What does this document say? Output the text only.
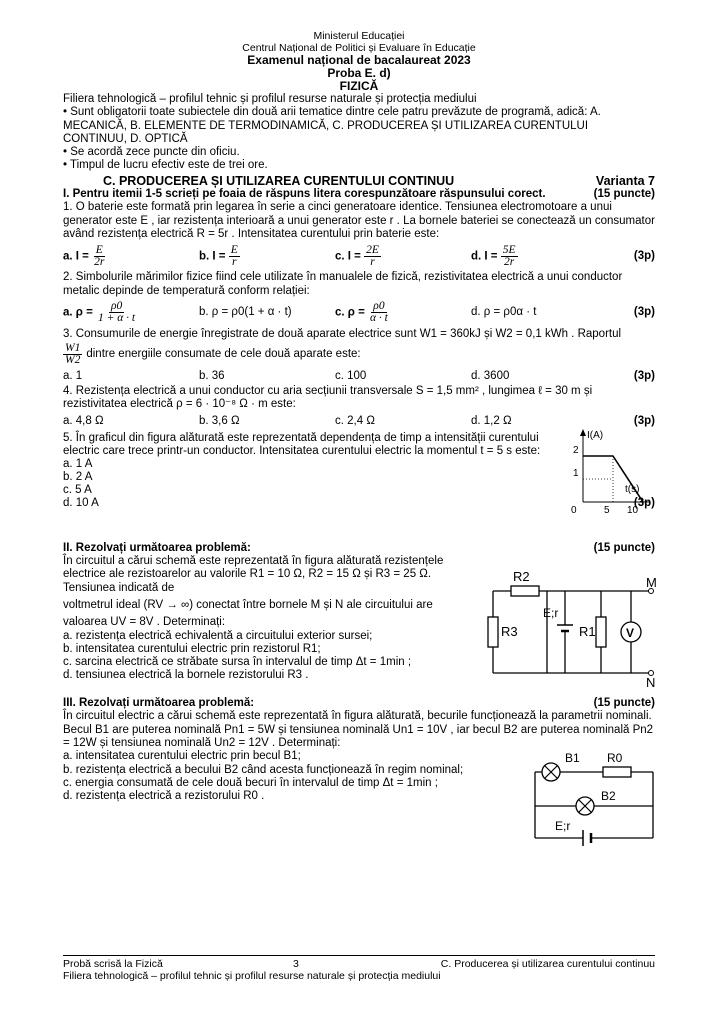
Ministerul Educației
Centrul Național de Politici și Evaluare în Educație
Examenul național de bacalaureat 2023
Proba E. d)
FIZICĂ
Filiera tehnologică – profilul tehnic și profilul resurse naturale și protecția mediului
• Sunt obligatorii toate subiectele din două arii tematice dintre cele patru prevăzute de programă, adică: A. MECANICĂ, B. ELEMENTE DE TERMODINAMICĂ, C. PRODUCEREA ȘI UTILIZAREA CURENTULUI CONTINUU, D. OPTICĂ
• Se acordă zece puncte din oficiu.
• Timpul de lucru efectiv este de trei ore.
C. PRODUCEREA ȘI UTILIZAREA CURENTULUI CONTINUU	Varianta 7
I. Pentru itemii 1-5 scrieți pe foaia de răspuns litera corespunzătoare răspunsului corect.	(15 puncte)
1. O baterie este formată prin legarea în serie a cinci generatoare identice. Tensiunea electromotoare a unui generator este E , iar rezistența interioară a unui generator este r . La bornele bateriei se conectează un consumator având rezistența electrică R = 5r . Intensitatea curentului prin baterie este:
a. $I = \frac{E}{2r}$	b. $I = \frac{E}{r}$	c. $I = \frac{2E}{r}$	d. $I = \frac{5E}{2r}$	(3p)
2. Simbolurile mărimilor fizice fiind cele utilizate în manualele de fizică, rezistivitatea electrică a unui conductor metalic depinde de temperatură conform relației:
a. $\rho = \frac{\rho 0}{1 + \alpha \cdot t}$	b. ρ = ρ0(1 + α · t)	c. $\rho = \frac{\rho 0}{\alpha \cdot t}$	d. ρ = ρ0α · t	(3p)
3. Consumurile de energie înregistrate de două aparate electrice sunt W1 = 360kJ și W2 = 0,1 kWh . Raportul
$\frac{W1}{W2}$ dintre energiile consumate de cele două aparate este:
a. 1	b. 36	c. 100	d. 3600	(3p)
4. Rezistența electrică a unui conductor cu aria secțiunii transversale S = 1,5 mm² , lungimea ℓ = 30 m și rezistivitatea electrică ρ = 6 · 10⁻⁸ Ω · m este:
a. 4,8 Ω	b. 3,6 Ω	c. 2,4 Ω	d. 1,2 Ω	(3p)
5. În graficul din figura alăturată este reprezentată dependența de timp a intensității curentului electric care trece printr-un conductor. Intensitatea curentului electric la momentul t = 5 s este:
a. 1 A
b. 2 A
c. 5 A
d. 10 A	(3p)
I(A)
t(s)
0	5 10
1
2
II. Rezolvați următoarea problemă:	(15 puncte)
În circuitul a cărui schemă este reprezentată în figura alăturată rezistențele electrice ale rezistoarelor au valorile R1 = 10 Ω, R2 = 15 Ω și R3 = 25 Ω. Tensiunea indicată de
voltmetrul ideal (RV → ∞) conectat între bornele M și N ale circuitului are
valoarea UV = 8V . Determinați:
a. rezistența electrică echivalentă a circuitului exterior sursei;
b. intensitatea curentului electric prin rezistorul R1;
c. sarcina electrică ce străbate sursa în intervalul de timp Δt = 1min ;
d. tensiunea electrică la bornele rezistorului R3 .
R2
R3
E;r
R1	V
M
N
III. Rezolvați următoarea problemă:	(15 puncte)
În circuitul electric a cărui schemă este reprezentată în figura alăturată, becurile funcționează la parametrii nominali. Becul B1 are puterea nominală Pn1 = 5W și tensiunea nominală Un1 = 10V , iar becul B2 are puterea nominală Pn2 = 12W și tensiunea nominală Un2 = 12V . Determinați:
a. intensitatea curentului electric prin becul B1;
b. rezistența electrică a becului B2 când acesta funcționează în regim nominal;
c. energia consumată de cele două becuri în intervalul de timp Δt = 1min ;
d. rezistența electrică a rezistorului R0 .
B1 R0
B2
E;r
Probă scrisă la Fizică	3	C. Producerea și utilizarea curentului continuu
Filiera tehnologică – profilul tehnic și profilul resurse naturale și protecția mediului
